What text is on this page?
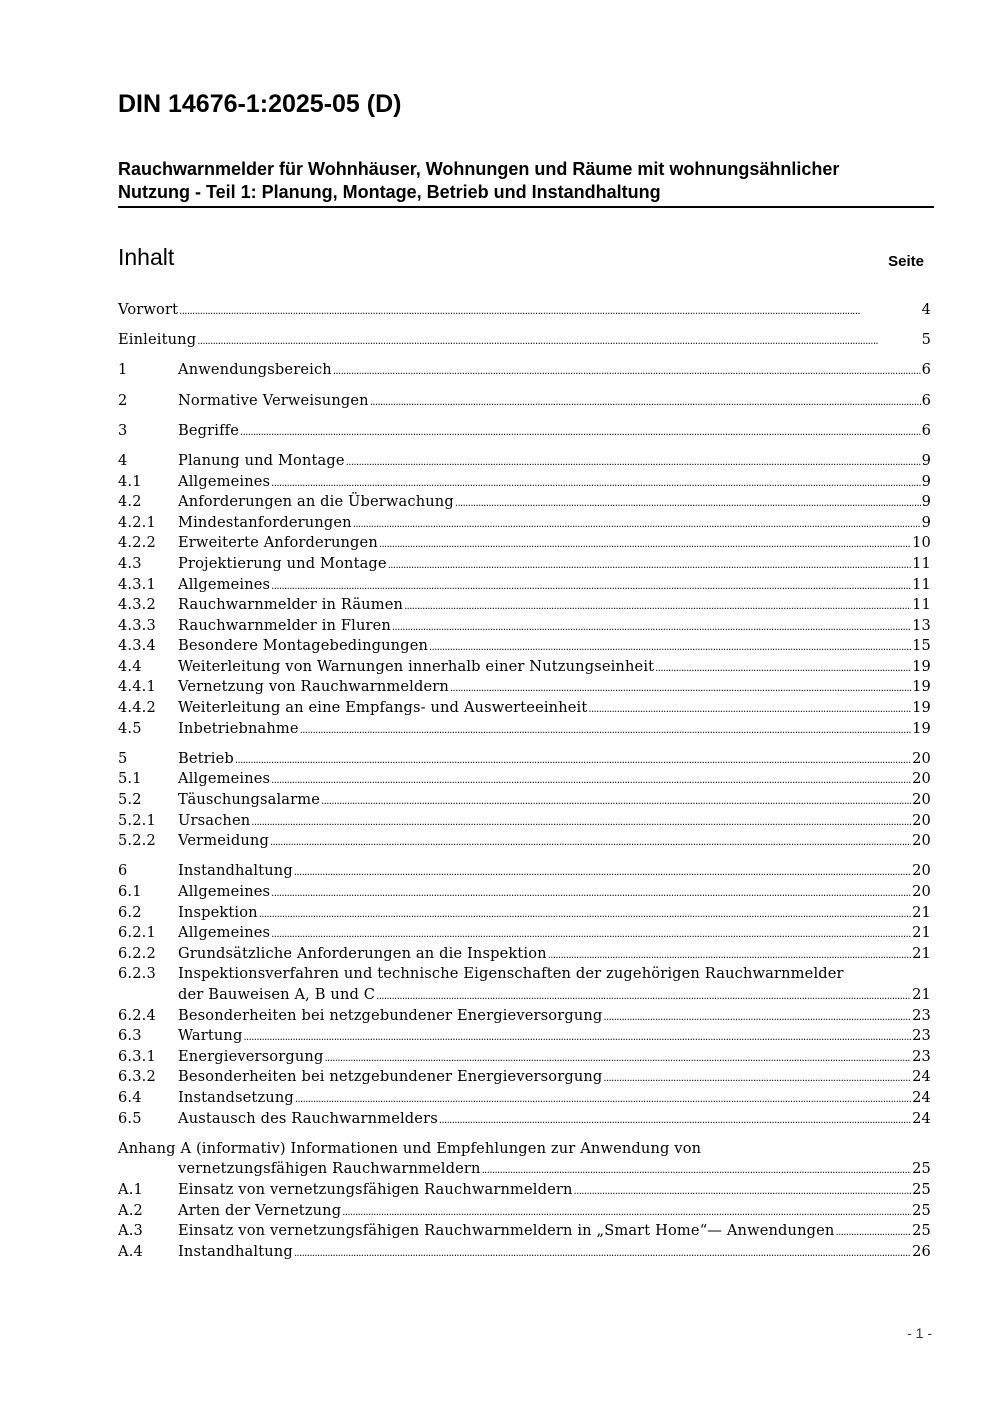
DIN 14676-1:2025-05 (D)
Rauchwarnmelder für Wohnhäuser, Wohnungen und Räume mit wohnungsähnlicher
Nutzung - Teil 1: Planung, Montage, Betrieb und Instandhaltung
Inhalt	Seite
Vorwort .....	4
Einleitung .....	5
1	Anwendungsbereich .....	6
2	Normative Verweisungen .....	6
3	Begriffe .....	6
4	Planung und Montage .....	9
4.1 Allgemeines .....	9
4.2 Anforderungen an die Überwachung .....	9
4.2.1 Mindestanforderungen .....	9
4.2.2 Erweiterte Anforderungen .....	10
4.3 Projektierung und Montage .....	11
4.3.1 Allgemeines .....	11
4.3.2 Rauchwarnmelder in Räumen .....	11
4.3.3 Rauchwarnmelder in Fluren .....	13
4.3.4 Besondere Montagebedingungen .....	15
4.4 Weiterleitung von Warnungen innerhalb einer Nutzungseinheit .....	19
4.4.1 Vernetzung von Rauchwarnmeldern .....	19
4.4.2 Weiterleitung an eine Empfangs- und Auswerteeinheit .....	19
4.5 Inbetriebnahme .....	19
5	Betrieb .....	20
5.1 Allgemeines .....	20
5.2 Täuschungsalarme .....	20
5.2.1 Ursachen .....	20
5.2.2 Vermeidung .....	20
6	Instandhaltung .....	20
6.1 Allgemeines .....	20
6.2 Inspektion .....	21
6.2.1 Allgemeines .....	21
6.2.2 Grundsätzliche Anforderungen an die Inspektion .....	21
6.2.3 Inspektionsverfahren und technische Eigenschaften der zugehörigen Rauchwarnmelder
der Bauweisen A, B und C .....	21
6.2.4 Besonderheiten bei netzgebundener Energieversorgung .....	23
6.3 Wartung .....	23
6.3.1 Energieversorgung .....	23
6.3.2 Besonderheiten bei netzgebundener Energieversorgung .....	24
6.4 Instandsetzung .....	24
6.5 Austausch des Rauchwarnmelders .....	24
Anhang A (informativ) Informationen und Empfehlungen zur Anwendung von
vernetzungsfähigen Rauchwarnmeldern .....	25
A.1 Einsatz von vernetzungsfähigen Rauchwarnmeldern .....	25
A.2 Arten der Vernetzung .....	25
A.3 Einsatz von vernetzungsfähigen Rauchwarnmeldern in „Smart Home“— Anwendungen .....	25
A.4 Instandhaltung .....	26
- 1 -
